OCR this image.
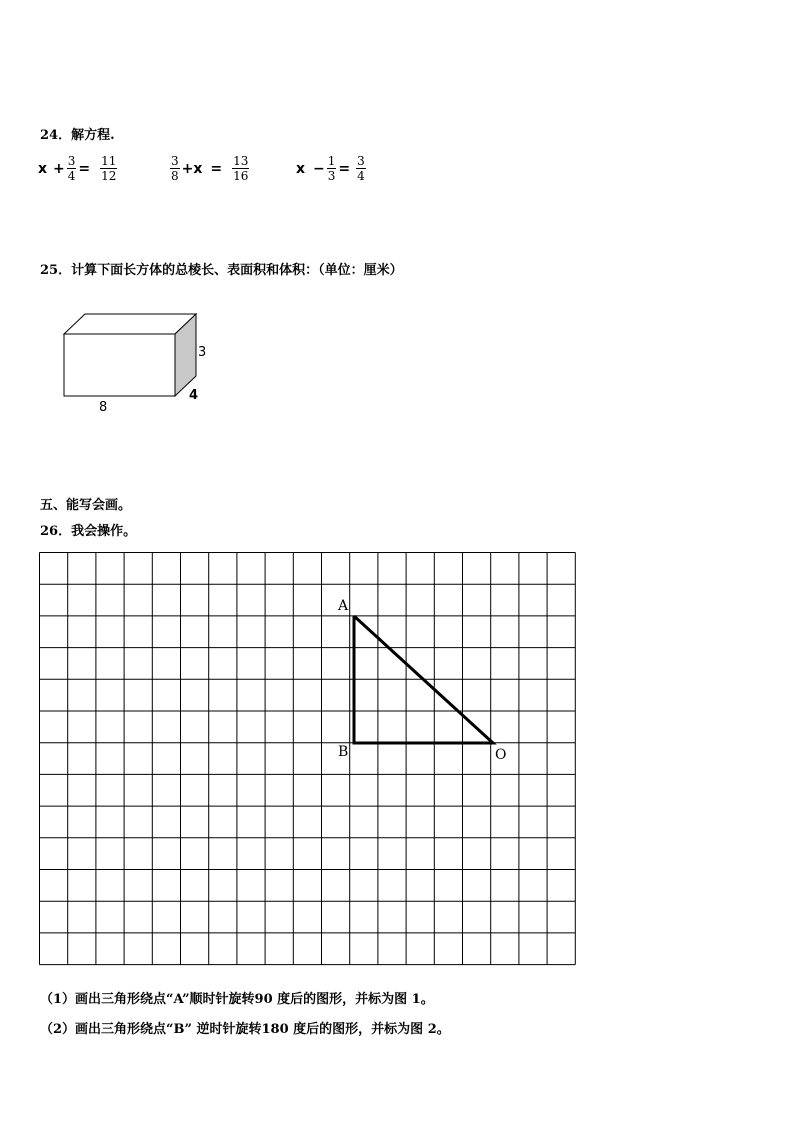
24．解方程.
$x + \frac{3}{4} = \frac{11}{12}$	$\frac{3}{8} +x = \frac{13}{16}$	$x - \frac{1}{3} = \frac{3}{4}$
25．计算下面长方体的总棱长、表面积和体积：（单位：厘米）
3
4
8
五、能写会画。
26．我会操作。
A
B	O
（1）画出三角形绕点“A”顺时针旋转90 度后的图形，并标为图 1。
（2）画出三角形绕点“B” 逆时针旋转180 度后的图形，并标为图 2。
